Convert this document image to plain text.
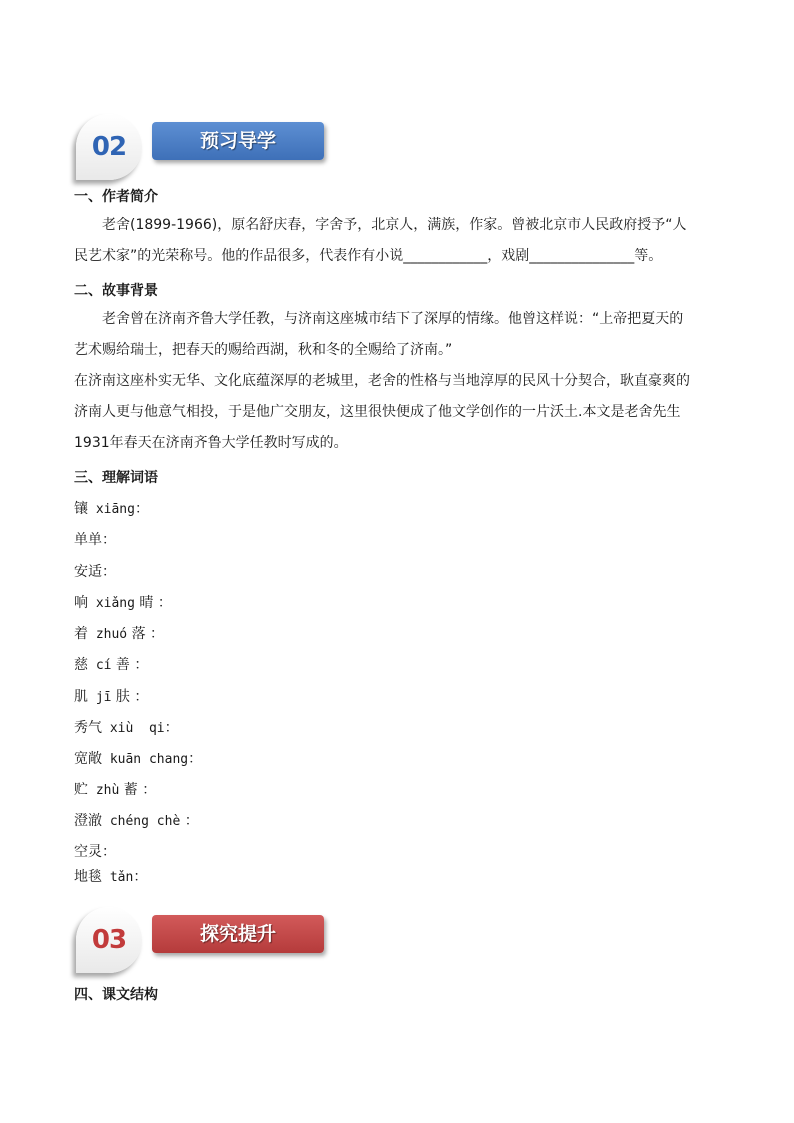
02	预习导学
一、作者简介
老舍(1899-1966)，原名舒庆春，字舍予，北京人，满族，作家。曾被北京市人民政府授予“人
民艺术家”的光荣称号。他的作品很多，代表作有小说____________，戏剧_______________等。
二、故事背景
老舍曾在济南齐鲁大学任教，与济南这座城市结下了深厚的情缘。他曾这样说：“上帝把夏天的
艺术赐给瑞士，把春天的赐给西湖，秋和冬的全赐给了济南。”
在济南这座朴实无华、文化底蕴深厚的老城里，老舍的性格与当地淳厚的民风十分契合，耿直豪爽的
济南人更与他意气相投，于是他广交朋友，这里很快便成了他文学创作的一片沃土.本文是老舍先生
1931年春天在济南齐鲁大学任教时写成的。
三、理解词语
镶 xiāng：
单单：
安适：
响 xiǎng 晴 ：
着 zhuó 落 ：
慈 cí 善 ：
肌 jī 肤 ：
秀气 xiù  qi：
宽敞 kuān chang：
贮 zhù 蓄 ：
澄澈 chéng chè ：
空灵：
地毯 tǎn：
03	探究提升
四、课文结构
